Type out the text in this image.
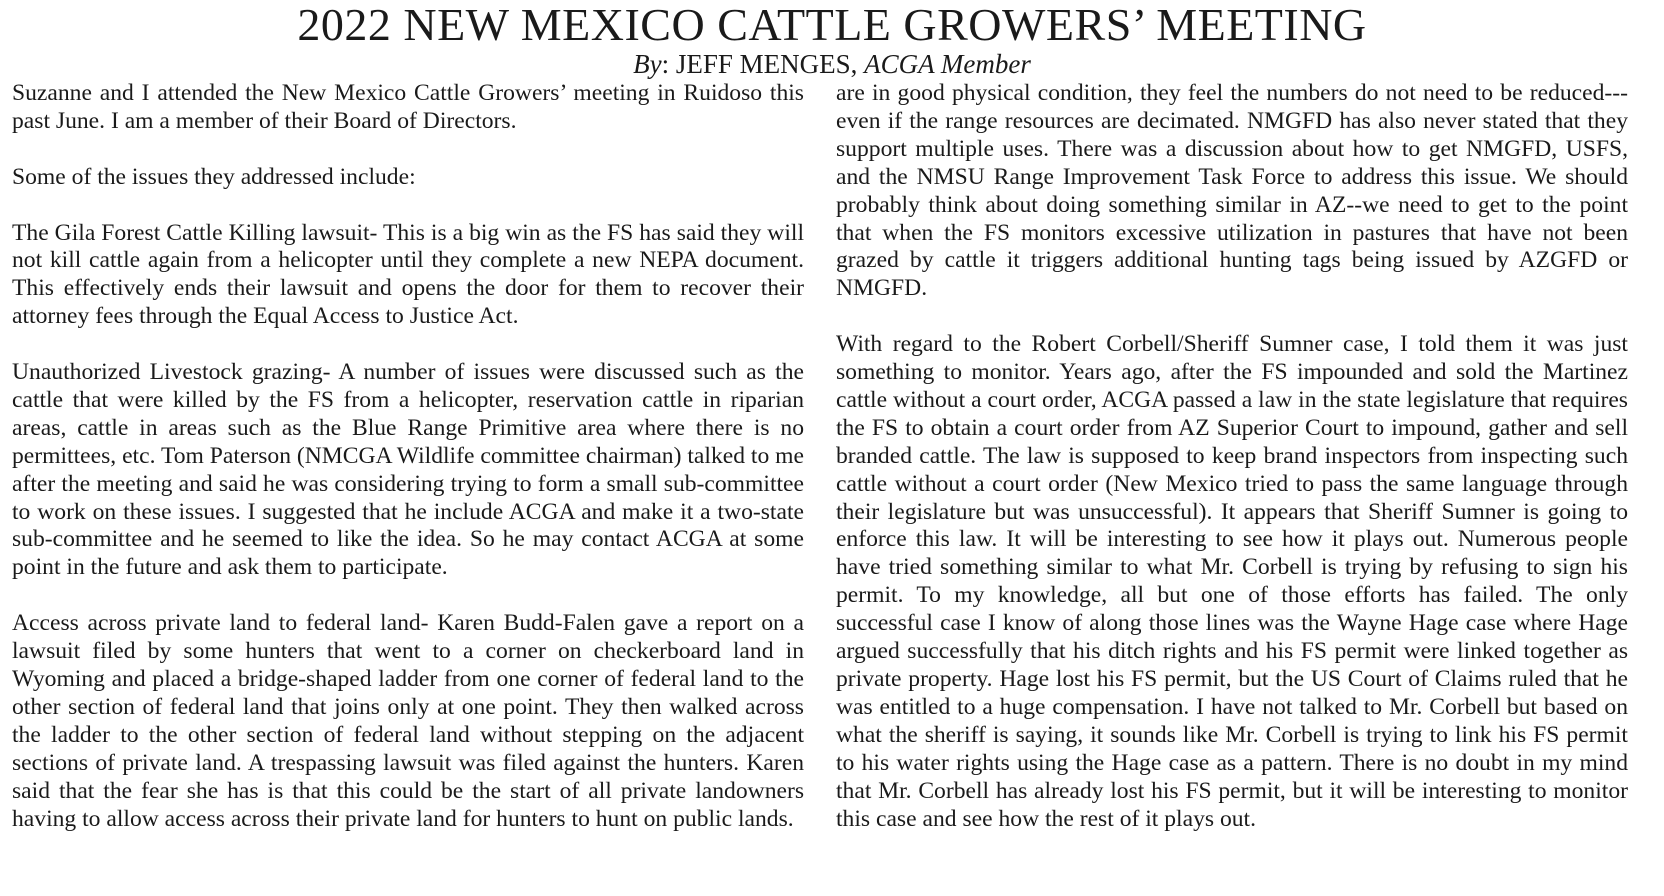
2022 NEW MEXICO CATTLE GROWERS’ MEETING
By: JEFF MENGES, ACGA Member

Suzanne and I attended the New Mexico Cattle Growers’ meeting in Ruidoso this past June. I am a member of their Board of Directors.

Some of the issues they addressed include:

The Gila Forest Cattle Killing lawsuit- This is a big win as the FS has said they will not kill cattle again from a helicopter until they complete a new NEPA document. This effectively ends their lawsuit and opens the door for them to recover their attorney fees through the Equal Access to Justice Act.

Unauthorized Livestock grazing- A number of issues were discussed such as the cattle that were killed by the FS from a helicopter, reservation cattle in riparian areas, cattle in areas such as the Blue Range Primitive area where there is no permittees, etc. Tom Paterson (NMCGA Wildlife committee chairman) talked to me after the meeting and said he was considering trying to form a small sub-committee to work on these issues. I suggested that he include ACGA and make it a two-state sub-committee and he seemed to like the idea. So he may contact ACGA at some point in the future and ask them to participate.

Access across private land to federal land- Karen Budd-Falen gave a report on a lawsuit filed by some hunters that went to a corner on checkerboard land in Wyoming and placed a bridge-shaped ladder from one corner of federal land to the other section of federal land that joins only at one point. They then walked across the ladder to the other section of federal land without stepping on the adjacent sections of private land. A trespassing lawsuit was filed against the hunters. Karen said that the fear she has is that this could be the start of all private landowners having to allow access across their private land for hunters to hunt on public lands.

are in good physical condition, they feel the numbers do not need to be reduced---even if the range resources are decimated. NMGFD has also never stated that they support multiple uses. There was a discussion about how to get NMGFD, USFS, and the NMSU Range Improvement Task Force to address this issue. We should probably think about doing something similar in AZ--we need to get to the point that when the FS monitors excessive utilization in pastures that have not been grazed by cattle it triggers additional hunting tags being issued by AZGFD or NMGFD.

With regard to the Robert Corbell/Sheriff Sumner case, I told them it was just something to monitor. Years ago, after the FS impounded and sold the Martinez cattle without a court order, ACGA passed a law in the state legislature that requires the FS to obtain a court order from AZ Superior Court to impound, gather and sell branded cattle. The law is supposed to keep brand inspectors from inspecting such cattle without a court order (New Mexico tried to pass the same language through their legislature but was unsuccessful). It appears that Sheriff Sumner is going to enforce this law. It will be interesting to see how it plays out. Numerous people have tried something similar to what Mr. Corbell is trying by refusing to sign his permit. To my knowledge, all but one of those efforts has failed. The only successful case I know of along those lines was the Wayne Hage case where Hage argued successfully that his ditch rights and his FS permit were linked together as private property. Hage lost his FS permit, but the US Court of Claims ruled that he was entitled to a huge compensation. I have not talked to Mr. Corbell but based on what the sheriff is saying, it sounds like Mr. Corbell is trying to link his FS permit to his water rights using the Hage case as a pattern. There is no doubt in my mind that Mr. Corbell has already lost his FS permit, but it will be interesting to monitor this case and see how the rest of it plays out.
